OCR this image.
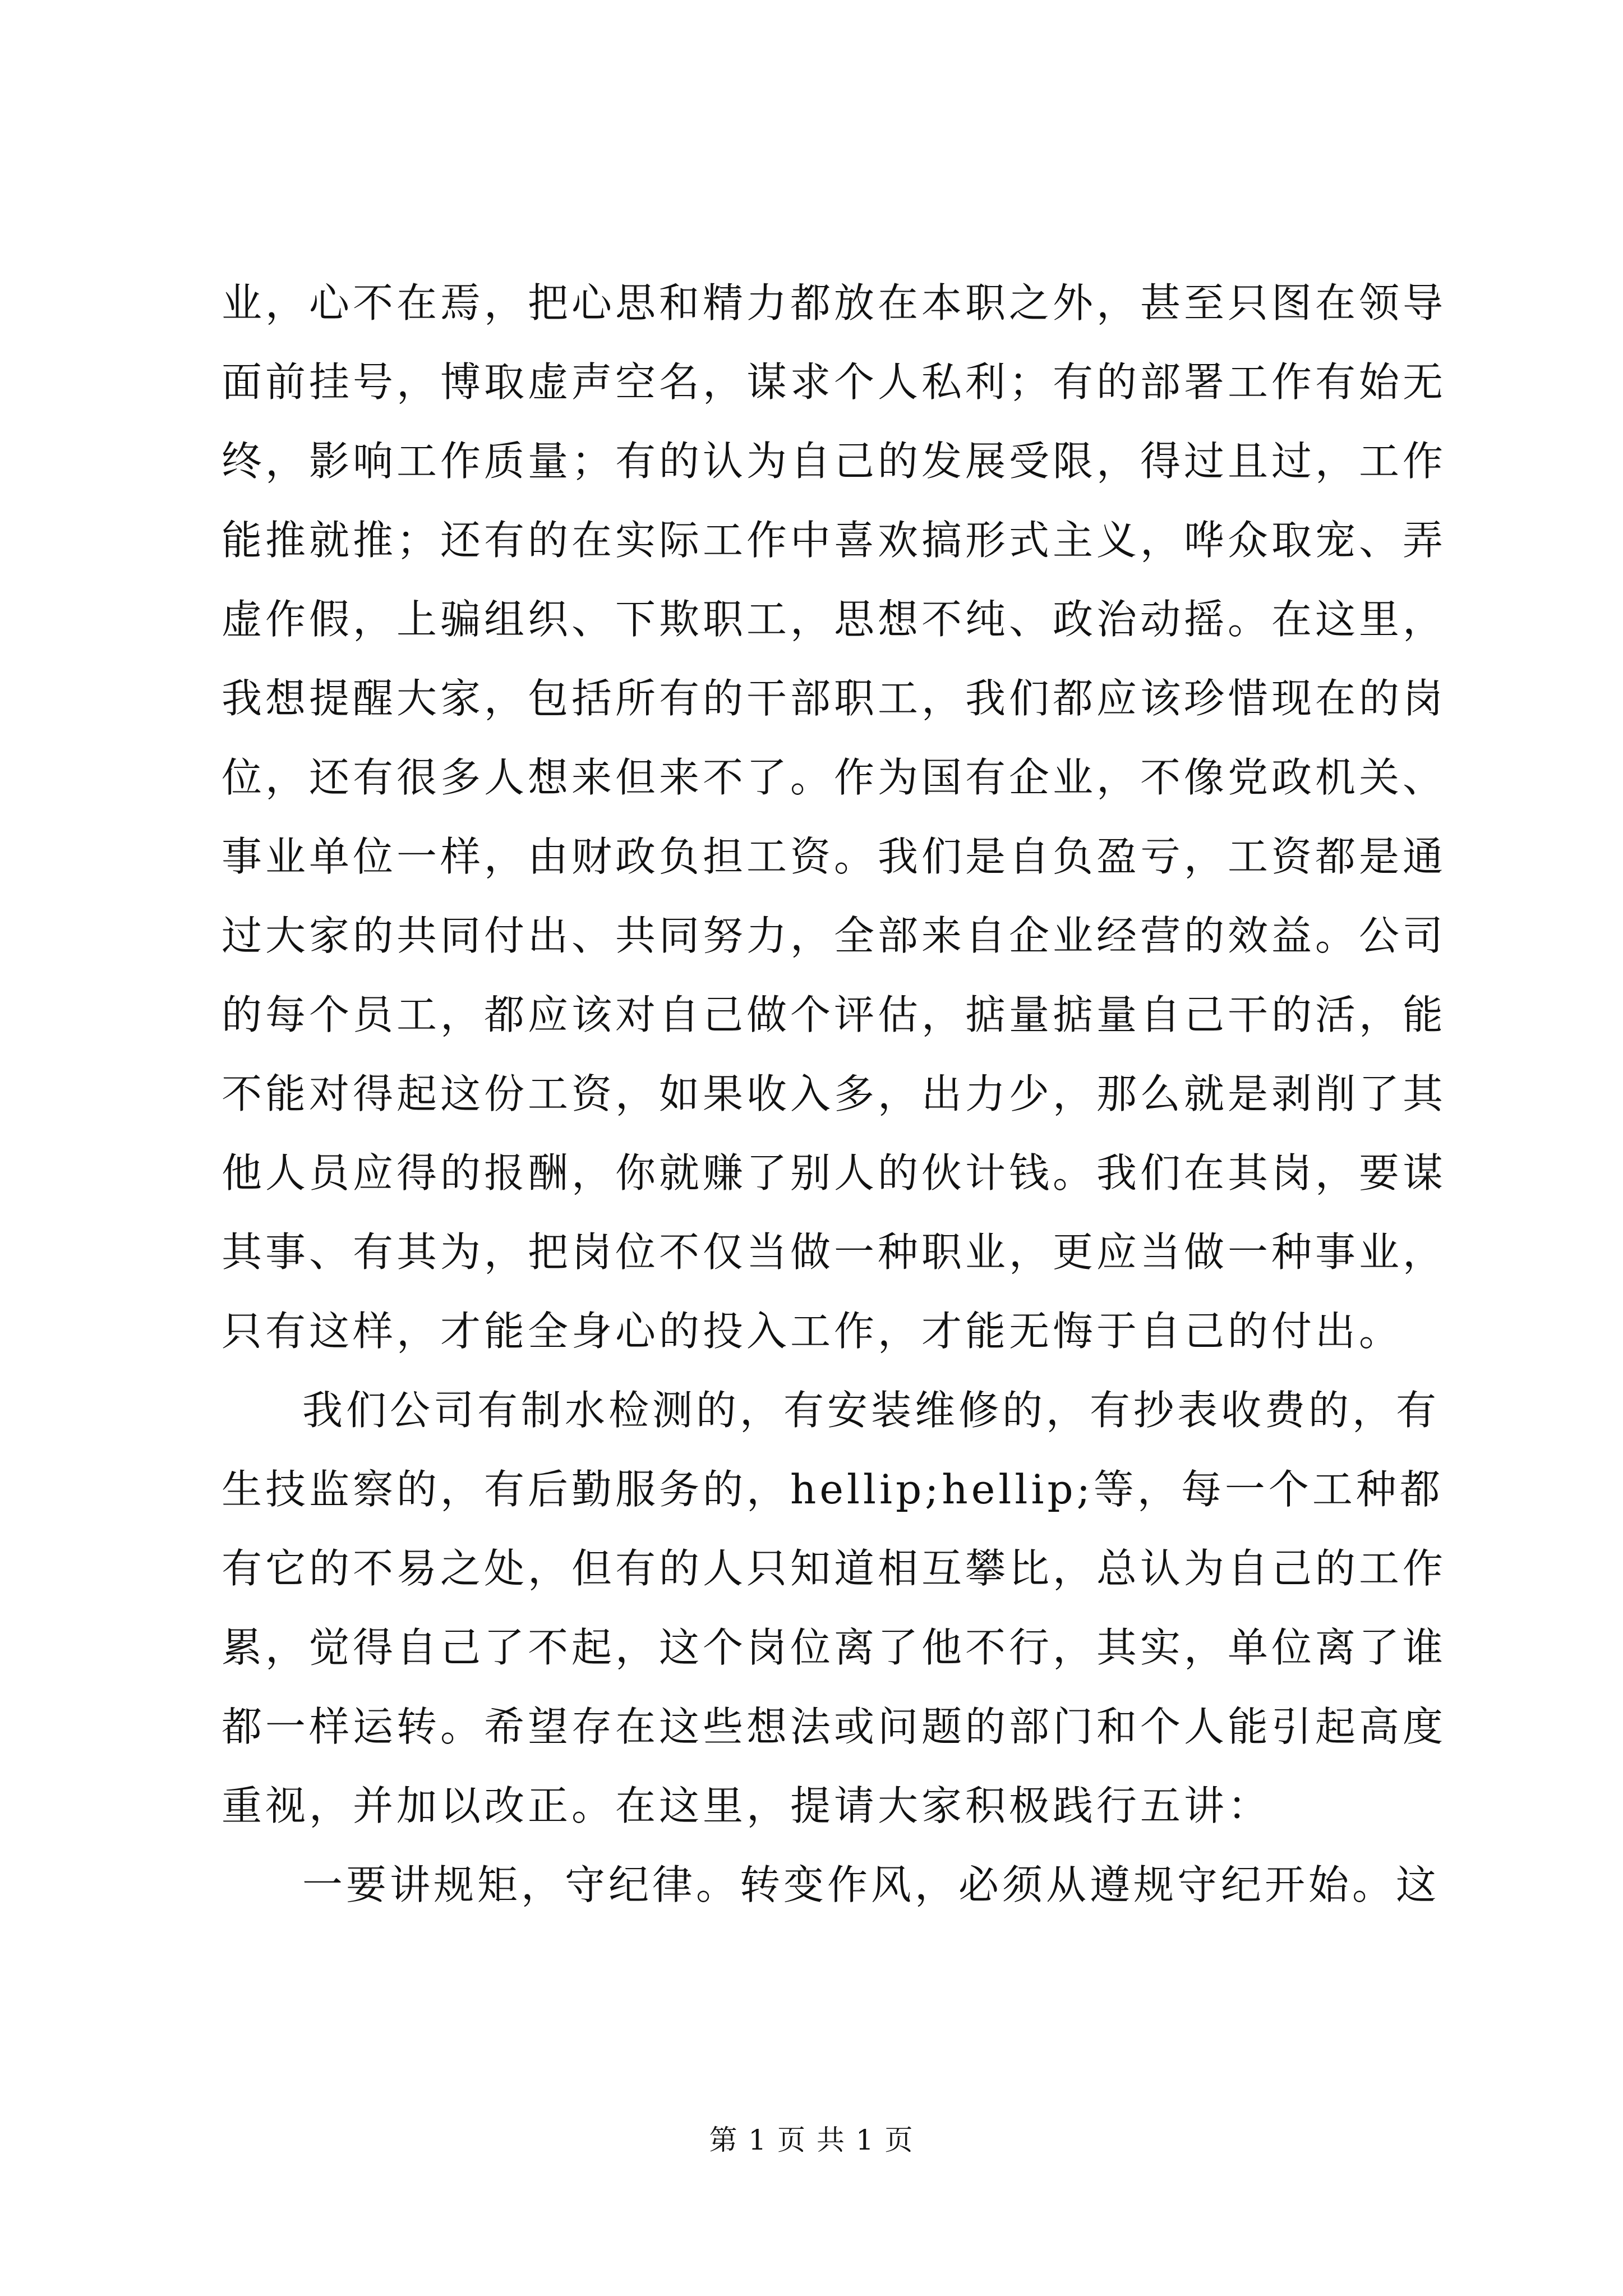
业，心不在焉，把心思和精力都放在本职之外，甚至只图在领导
面前挂号，博取虚声空名，谋求个人私利；有的部署工作有始无
终，影响工作质量；有的认为自己的发展受限，得过且过，工作
能推就推；还有的在实际工作中喜欢搞形式主义，哗众取宠、弄
虚作假，上骗组织、下欺职工，思想不纯、政治动摇。在这里，
我想提醒大家，包括所有的干部职工，我们都应该珍惜现在的岗
位，还有很多人想来但来不了。作为国有企业，不像党政机关、
事业单位一样，由财政负担工资。我们是自负盈亏，工资都是通
过大家的共同付出、共同努力，全部来自企业经营的效益。公司
的每个员工，都应该对自己做个评估，掂量掂量自己干的活，能
不能对得起这份工资，如果收入多，出力少，那么就是剥削了其
他人员应得的报酬，你就赚了别人的伙计钱。我们在其岗，要谋
其事、有其为，把岗位不仅当做一种职业，更应当做一种事业，
只有这样，才能全身心的投入工作，才能无悔于自己的付出。
我们公司有制水检测的，有安装维修的，有抄表收费的，有
生技监察的，有后勤服务的，hellip;hellip;等，每一个工种都
有它的不易之处，但有的人只知道相互攀比，总认为自己的工作
累，觉得自己了不起，这个岗位离了他不行，其实，单位离了谁
都一样运转。希望存在这些想法或问题的部门和个人能引起高度
重视，并加以改正。在这里，提请大家积极践行五讲：
一要讲规矩，守纪律。转变作风，必须从遵规守纪开始。这
第 1 页 共 1 页
